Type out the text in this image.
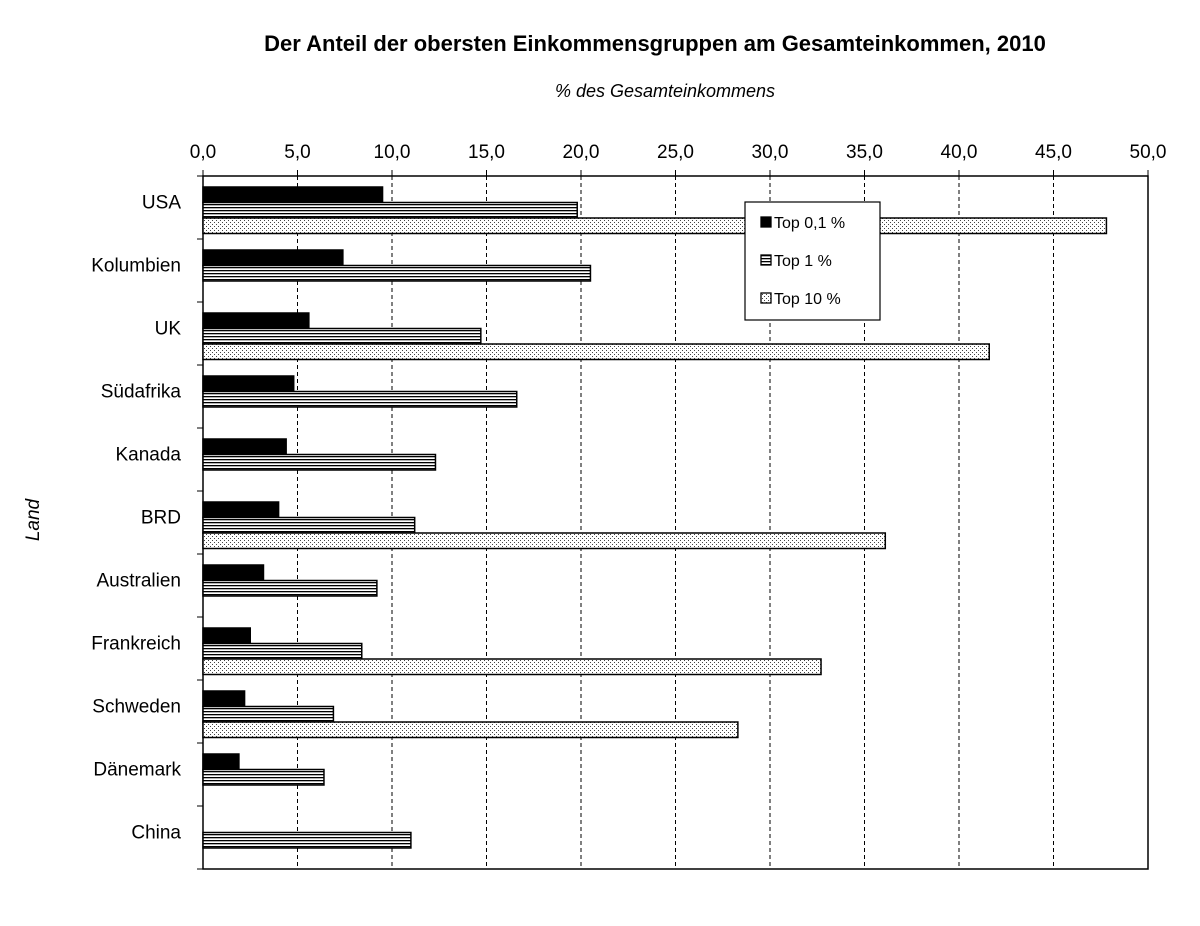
Der Anteil der obersten Einkommensgruppen am Gesamteinkommen, 2010
% des Gesamteinkommens
Land
0,0	5,0	10,0	15,0	20,0	25,0	30,0	35,0	40,0	45,0	50,0
USA
Kolumbien
UK
Südafrika
Kanada
BRD
Australien
Frankreich
Schweden
Dänemark
China
Top 0,1 %
Top 1 %
Top 10 %
